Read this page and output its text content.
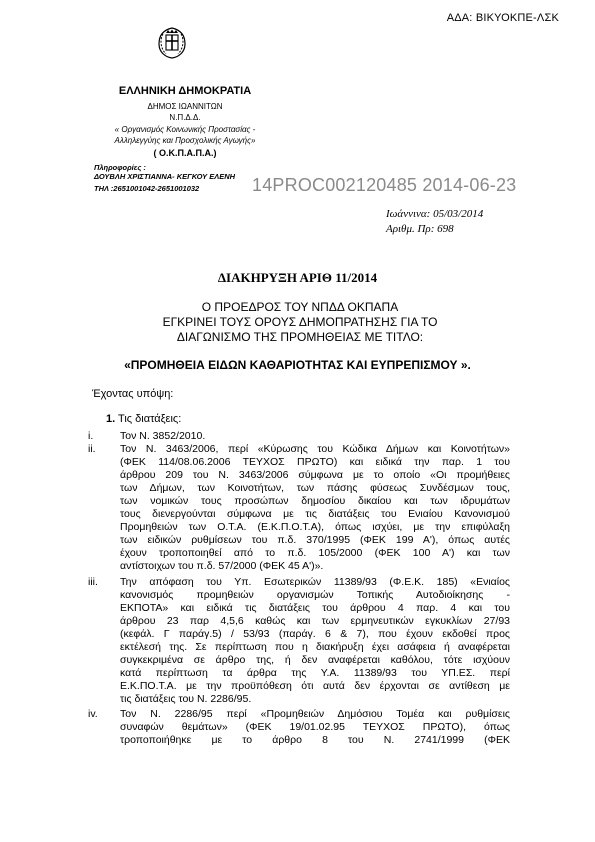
ΑΔΑ: ΒΙΚΥΟΚΠΕ-ΛΣΚ
ΕΛΛΗΝΙΚΗ ΔΗΜΟΚΡΑΤΙΑ
ΔΗΜΟΣ ΙΩΑΝΝΙΤΩΝ
Ν.Π.Δ.Δ.
« Οργανισμός Κοινωνικής Προστασίας -
Αλληλεγγύης και Προσχολικής Αγωγής»
( Ο.Κ.Π.Α.Π.Α.)
Πληροφορίες :
ΔΟΥΒΛΗ ΧΡΙΣΤΙΑΝΝΑ- ΚΕΓΚΟΥ ΕΛΕΝΗ
ΤΗΛ :2651001042-2651001032	14PROC002120485 2014-06-23
Ιωάννινα: 05/03/2014
Αριθμ. Πρ: 698
ΔΙΑΚΗΡΥΞΗ ΑΡΙΘ 11/2014
Ο ΠΡΟΕΔΡΟΣ ΤΟΥ ΝΠΔΔ ΟΚΠΑΠΑ
ΕΓΚΡΙΝΕΙ ΤΟΥΣ ΟΡΟΥΣ ΔΗΜΟΠΡΑΤΗΣΗΣ ΓΙΑ ΤΟ
ΔΙΑΓΩΝΙΣΜΟ ΤΗΣ ΠΡΟΜΗΘΕΙΑΣ ΜΕ ΤΙΤΛΟ:
«ΠΡΟΜΗΘΕΙΑ ΕΙΔΩΝ ΚΑΘΑΡΙΟΤΗΤΑΣ ΚΑΙ ΕΥΠΡΕΠΙΣΜΟΥ ».
Έχοντας υπόψη:
1. Τις διατάξεις:
i.	Τον Ν. 3852/2010.
ii. Τον Ν. 3463/2006, περί «Κύρωσης του Κώδικα Δήμων και Κοινοτήτων»
(ΦΕΚ 114/08.06.2006 ΤΕΥΧΟΣ ΠΡΩΤΟ) και ειδικά την παρ. 1 του
άρθρου 209 του Ν. 3463/2006 σύμφωνα με το οποίο «Οι προμήθειες
των Δήμων, των Κοινοτήτων, των πάσης φύσεως Συνδέσμων τους,
των νομικών τους προσώπων δημοσίου δικαίου και των ιδρυμάτων
τους διενεργούνται σύμφωνα με τις διατάξεις του Ενιαίου Κανονισμού
Προμηθειών των Ο.Τ.Α. (Ε.Κ.Π.Ο.Τ.Α), όπως ισχύει, με την επιφύλαξη
των ειδικών ρυθμίσεων του π.δ. 370/1995 (ΦΕΚ 199 Α'), όπως αυτές
έχουν τροποποιηθεί από το π.δ. 105/2000 (ΦΕΚ 100 Α') και των
αντίστοιχων του π.δ. 57/2000 (ΦΕΚ 45 Α')».
iii. Την απόφαση του Υπ. Εσωτερικών 11389/93 (Φ.Ε.Κ. 185) «Ενιαίος
κανονισμός προμηθειών οργανισμών Τοπικής Αυτοδιοίκησης -
ΕΚΠΟΤΑ» και ειδικά τις διατάξεις του άρθρου 4 παρ. 4 και του
άρθρου 23 παρ 4,5,6 καθώς και των ερμηνευτικών εγκυκλίων 27/93
(κεφάλ. Γ παράγ.5) / 53/93 (παράγ. 6 & 7), που έχουν εκδοθεί προς
εκτέλεσή της. Σε περίπτωση που η διακήρυξη έχει ασάφεια ή αναφέρεται
συγκεκριμένα σε άρθρο της, ή δεν αναφέρεται καθόλου, τότε ισχύουν
κατά περίπτωση τα άρθρα της Υ.Α. 11389/93 του ΥΠ.ΕΣ. περί
Ε.Κ.ΠΟ.Τ.Α. με την προϋπόθεση ότι αυτά δεν έρχονται σε αντίθεση με
τις διατάξεις του Ν. 2286/95.
iv. Τον Ν. 2286/95 περί «Προμηθειών Δημόσιου Τομέα και ρυθμίσεις
συναφών θεμάτων» (ΦΕΚ 19/01.02.95 ΤΕΥΧΟΣ ΠΡΩΤΟ), όπως
τροποποιήθηκε με το άρθρο 8 του Ν. 2741/1999 (ΦΕΚ
